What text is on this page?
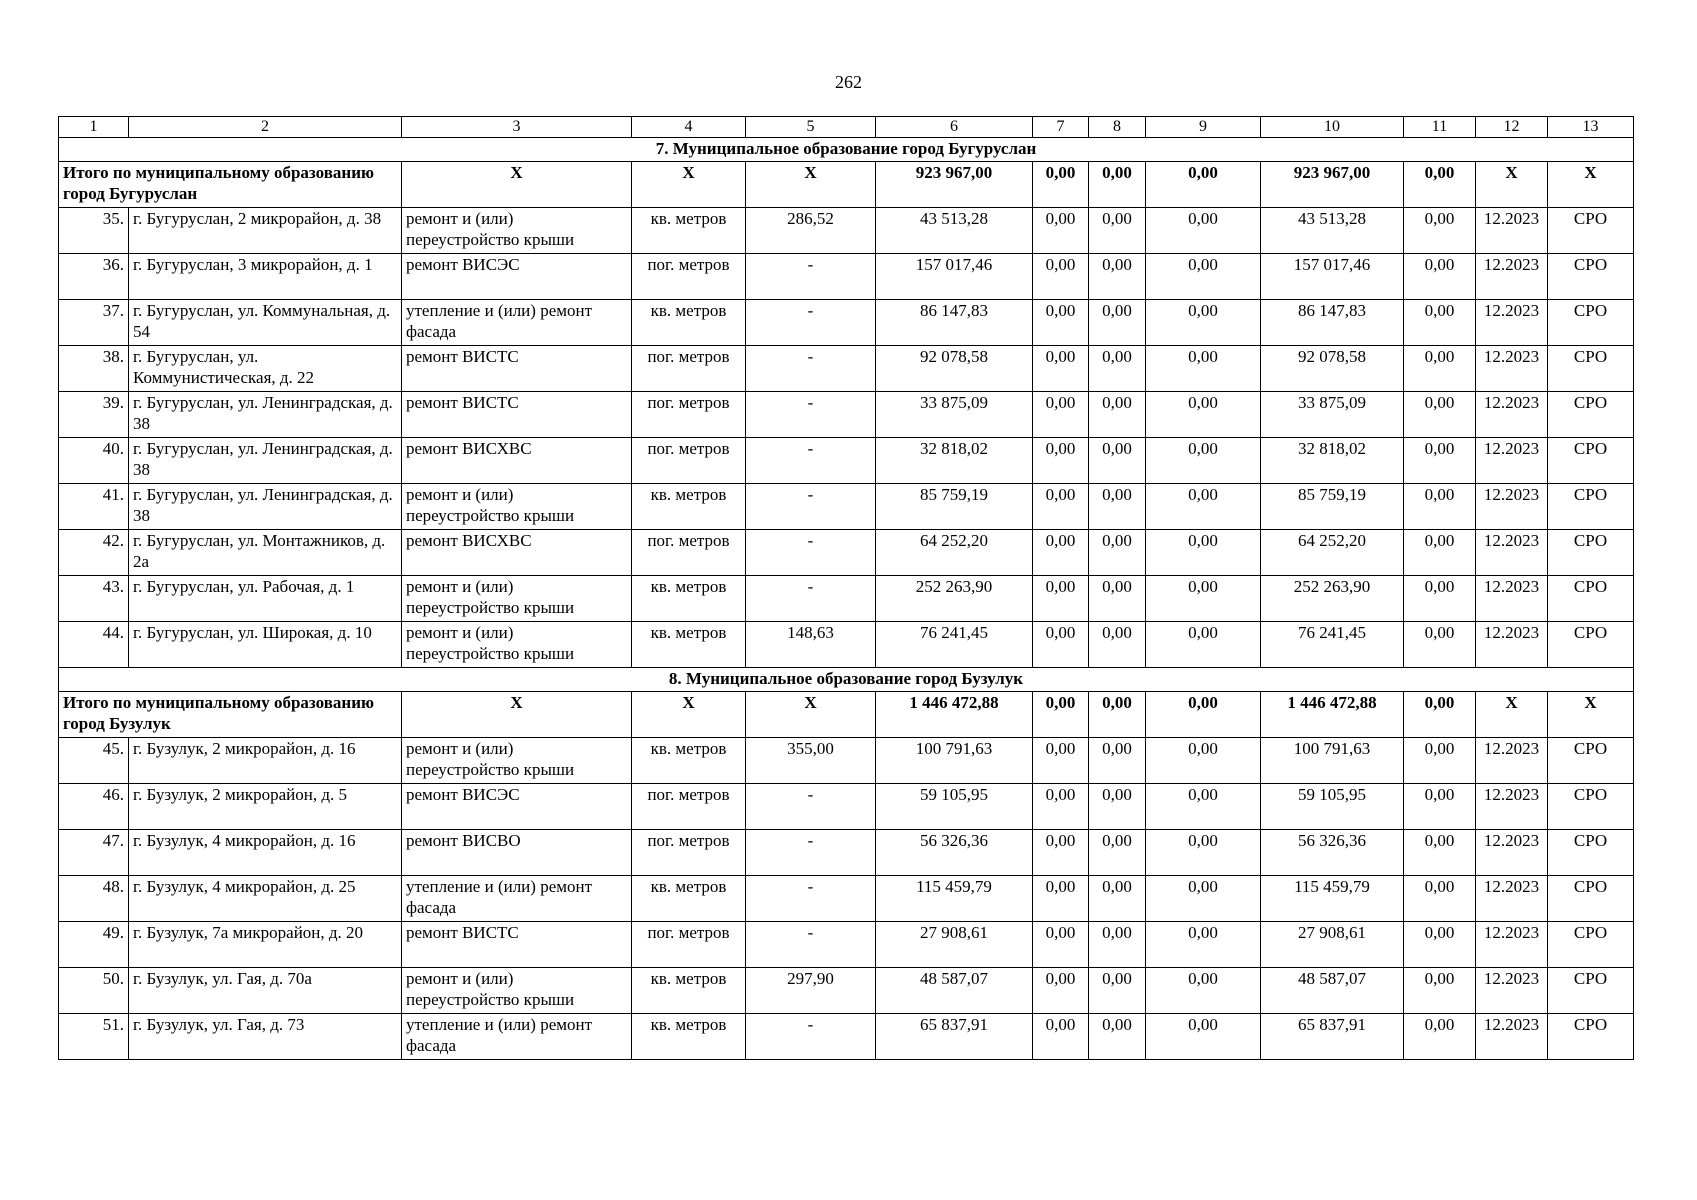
262
1	2	3	4	5	6	7	8	9	10	11	12	13
7. Муниципальное образование город Бугуруслан												
Итого по муниципальному образованию город Бугуруслан		Х	Х	Х	923 967,00	0,00	0,00	0,00	923 967,00	0,00	Х	Х
35.	г. Бугуруслан, 2 микрорайон, д. 38	ремонт и (или) переустройство крыши	кв. метров	286,52	43 513,28	0,00	0,00	0,00	43 513,28	0,00	12.2023	СРО
36.	г. Бугуруслан, 3 микрорайон, д. 1	ремонт ВИСЭС	пог. метров	-	157 017,46	0,00	0,00	0,00	157 017,46	0,00	12.2023	СРО
37.	г. Бугуруслан, ул. Коммунальная, д. 54	утепление и (или) ремонт фасада	кв. метров	-	86 147,83	0,00	0,00	0,00	86 147,83	0,00	12.2023	СРО
38.	г. Бугуруслан, ул. Коммунистическая, д. 22	ремонт ВИСТС	пог. метров	-	92 078,58	0,00	0,00	0,00	92 078,58	0,00	12.2023	СРО
39.	г. Бугуруслан, ул. Ленинградская, д. 38	ремонт ВИСТС	пог. метров	-	33 875,09	0,00	0,00	0,00	33 875,09	0,00	12.2023	СРО
40.	г. Бугуруслан, ул. Ленинградская, д. 38	ремонт ВИСХВС	пог. метров	-	32 818,02	0,00	0,00	0,00	32 818,02	0,00	12.2023	СРО
41.	г. Бугуруслан, ул. Ленинградская, д. 38	ремонт и (или) переустройство крыши	кв. метров	-	85 759,19	0,00	0,00	0,00	85 759,19	0,00	12.2023	СРО
42.	г. Бугуруслан, ул. Монтажников, д. 2а	ремонт ВИСХВС	пог. метров	-	64 252,20	0,00	0,00	0,00	64 252,20	0,00	12.2023	СРО
43.	г. Бугуруслан, ул. Рабочая, д. 1	ремонт и (или) переустройство крыши	кв. метров	-	252 263,90	0,00	0,00	0,00	252 263,90	0,00	12.2023	СРО
44.	г. Бугуруслан, ул. Широкая, д. 10	ремонт и (или) переустройство крыши	кв. метров	148,63	76 241,45	0,00	0,00	0,00	76 241,45	0,00	12.2023	СРО
8. Муниципальное образование город Бузулук												
Итого по муниципальному образованию город Бузулук		Х	Х	Х	1 446 472,88	0,00	0,00	0,00	1 446 472,88	0,00	Х	Х
45.	г. Бузулук, 2 микрорайон, д. 16	ремонт и (или) переустройство крыши	кв. метров	355,00	100 791,63	0,00	0,00	0,00	100 791,63	0,00	12.2023	СРО
46.	г. Бузулук, 2 микрорайон, д. 5	ремонт ВИСЭС	пог. метров	-	59 105,95	0,00	0,00	0,00	59 105,95	0,00	12.2023	СРО
47.	г. Бузулук, 4 микрорайон, д. 16	ремонт ВИСВО	пог. метров	-	56 326,36	0,00	0,00	0,00	56 326,36	0,00	12.2023	СРО
48.	г. Бузулук, 4 микрорайон, д. 25	утепление и (или) ремонт фасада	кв. метров	-	115 459,79	0,00	0,00	0,00	115 459,79	0,00	12.2023	СРО
49.	г. Бузулук, 7а микрорайон, д. 20	ремонт ВИСТС	пог. метров	-	27 908,61	0,00	0,00	0,00	27 908,61	0,00	12.2023	СРО
50.	г. Бузулук, ул. Гая, д. 70а	ремонт и (или) переустройство крыши	кв. метров	297,90	48 587,07	0,00	0,00	0,00	48 587,07	0,00	12.2023	СРО
51.	г. Бузулук, ул. Гая, д. 73	утепление и (или) ремонт фасада	кв. метров	-	65 837,91	0,00	0,00	0,00	65 837,91	0,00	12.2023	СРО
